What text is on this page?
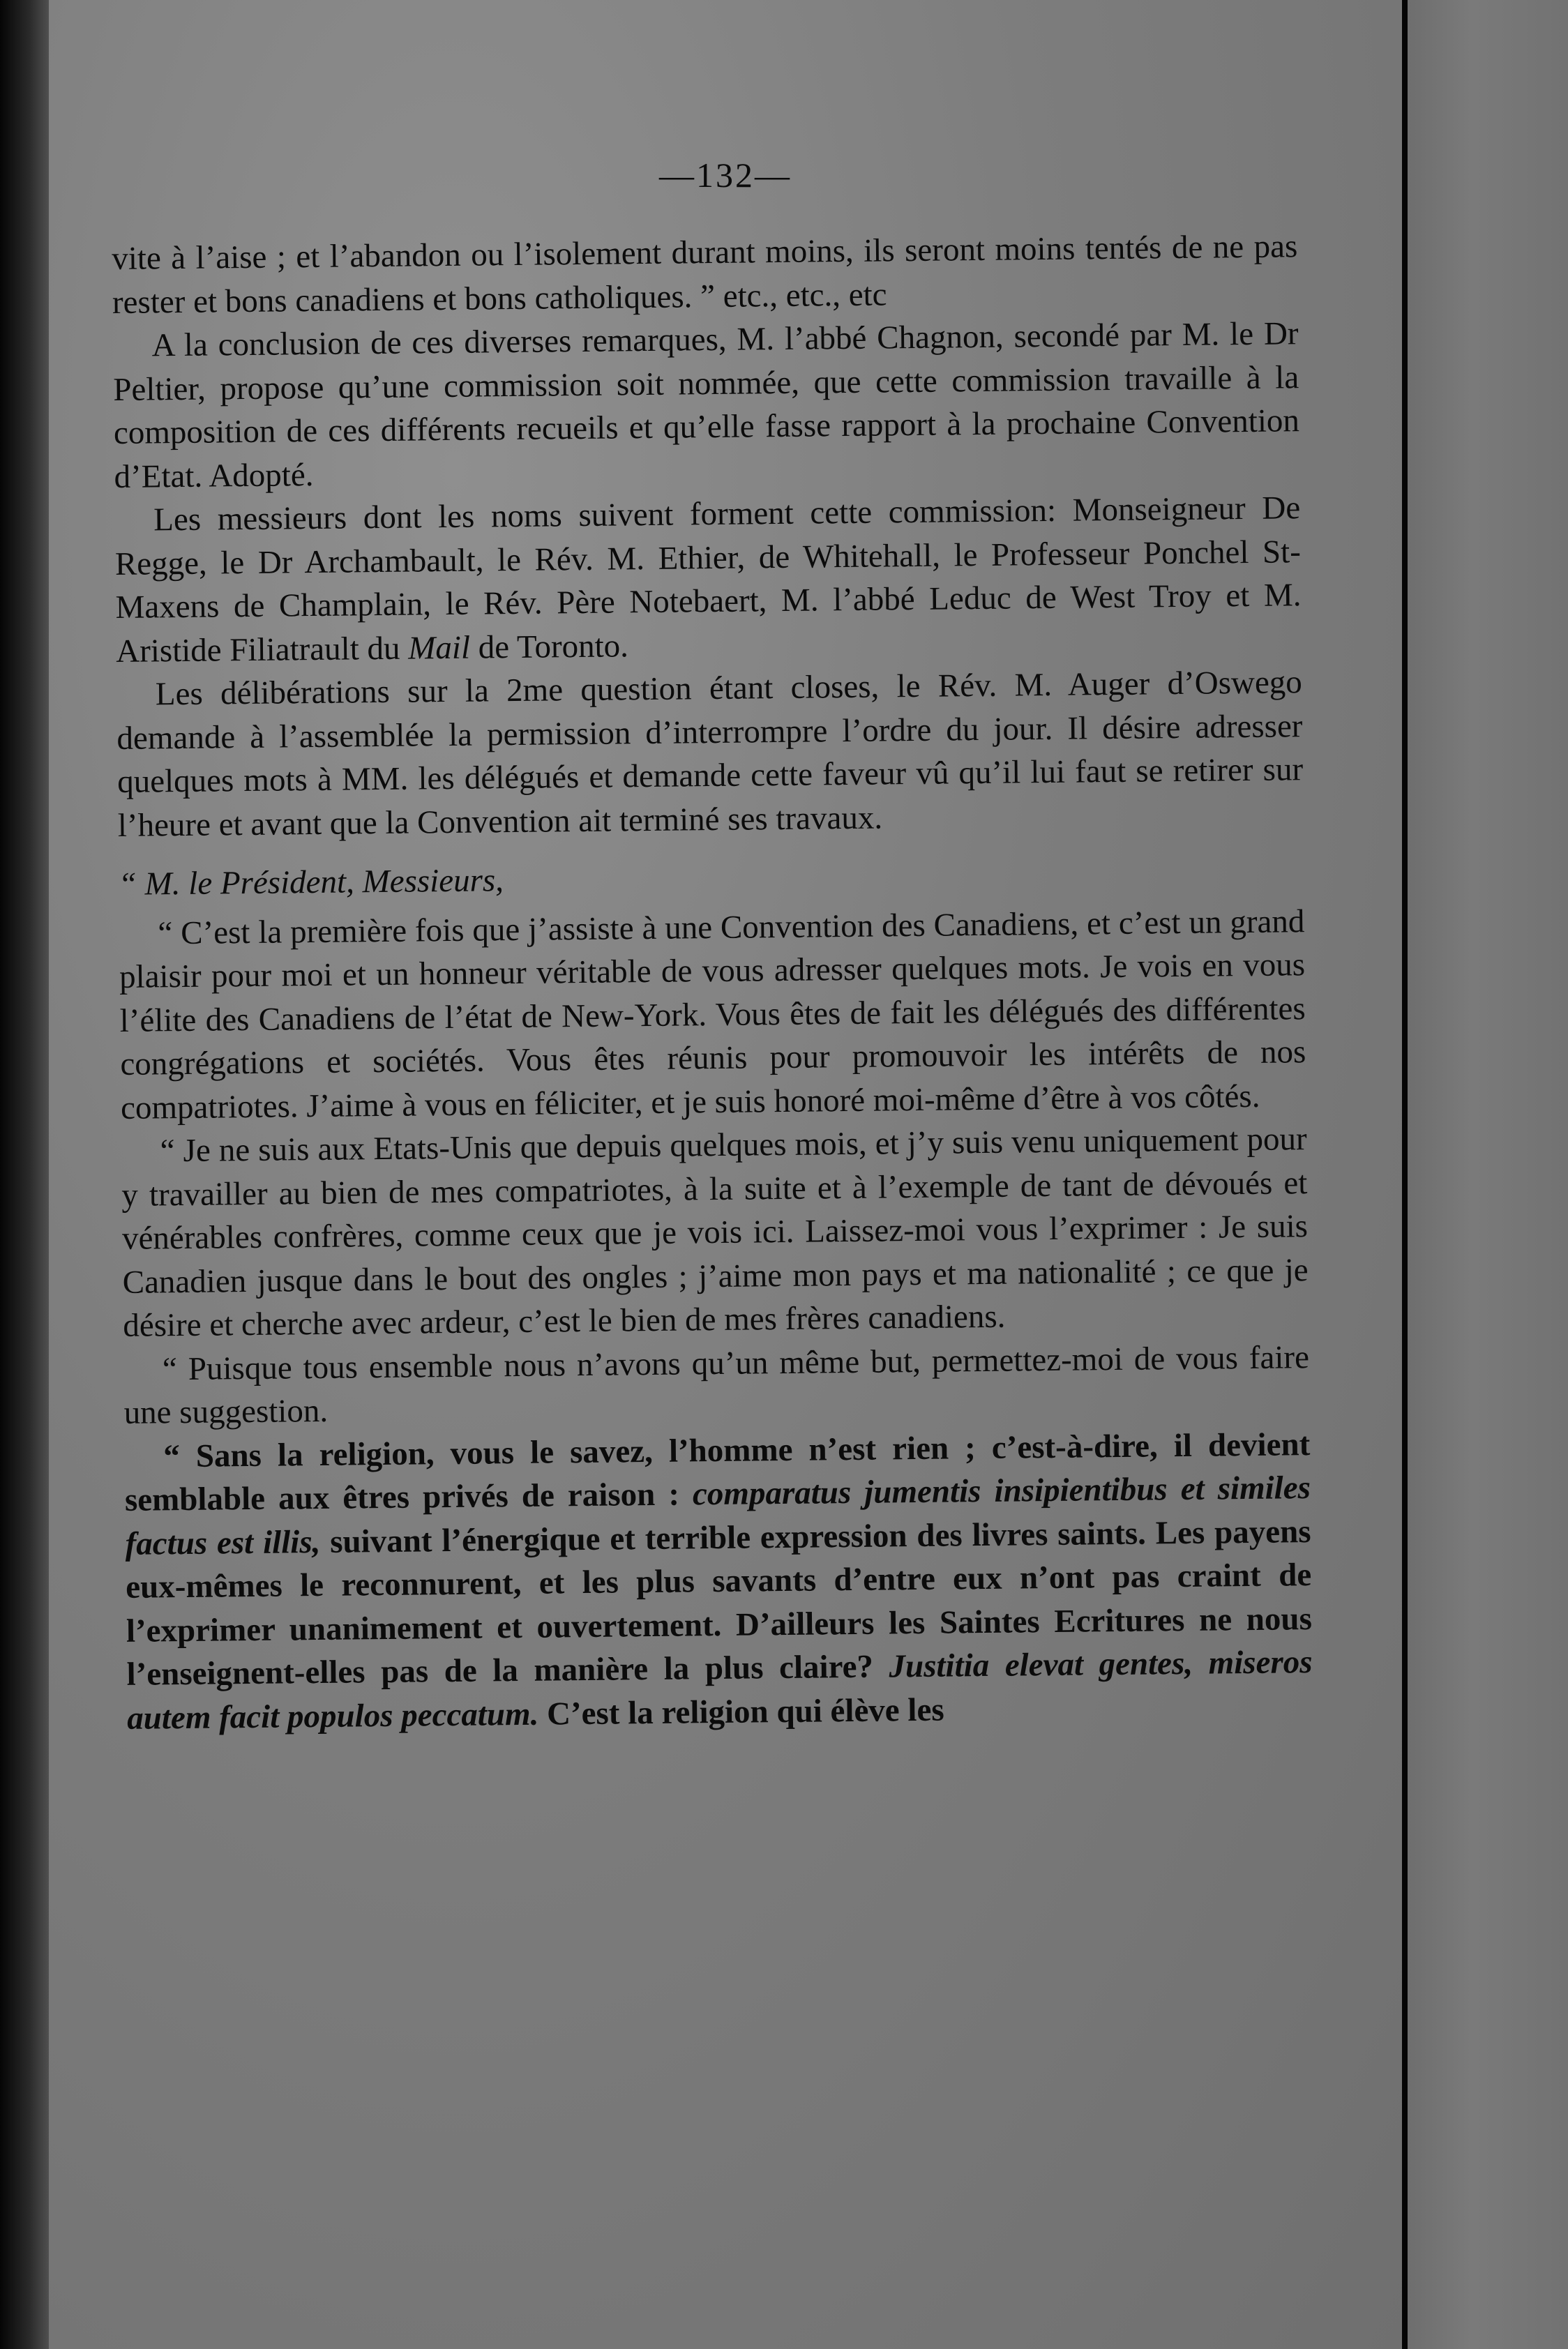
—132—

vite à l’aise ; et l’abandon ou l’isolement durant moins, ils seront moins tentés de ne pas rester et bons canadiens et bons catholiques. ” etc., etc., etc

A la conclusion de ces diverses remarques, M. l’abbé Chagnon, secondé par M. le Dr Peltier, propose qu’une commission soit nommée, que cette commission travaille à la composition de ces différents recueils et qu’elle fasse rapport à la prochaine Convention d’Etat. Adopté.

Les messieurs dont les noms suivent forment cette commission: Monseigneur De Regge, le Dr Archambault, le Rév. M. Ethier, de Whitehall, le Professeur Ponchel St-Maxens de Champlain, le Rév. Père Notebaert, M. l’abbé Leduc de West Troy et M. Aristide Filiatrault du Mail de Toronto.

Les délibérations sur la 2me question étant closes, le Rév. M. Auger d’Oswego demande à l’assemblée la permission d’interrompre l’ordre du jour. Il désire adresser quelques mots à MM. les délégués et demande cette faveur vû qu’il lui faut se retirer sur l’heure et avant que la Convention ait terminé ses travaux.

“ M. le Président, Messieurs,

“ C’est la première fois que j’assiste à une Convention des Canadiens, et c’est un grand plaisir pour moi et un honneur véritable de vous adresser quelques mots. Je vois en vous l’élite des Canadiens de l’état de New-York. Vous êtes de fait les délégués des différentes congrégations et sociétés. Vous êtes réunis pour promouvoir les intérêts de nos compatriotes. J’aime à vous en féliciter, et je suis honoré moi-même d’être à vos côtés.

“ Je ne suis aux Etats-Unis que depuis quelques mois, et j’y suis venu uniquement pour y travailler au bien de mes compatriotes, à la suite et à l’exemple de tant de dévoués et vénérables confrères, comme ceux que je vois ici. Laissez-moi vous l’exprimer : Je suis Canadien jusque dans le bout des ongles ; j’aime mon pays et ma nationalité ; ce que je désire et cherche avec ardeur, c’est le bien de mes frères canadiens.

“ Puisque tous ensemble nous n’avons qu’un même but, permettez-moi de vous faire une suggestion.

“ Sans la religion, vous le savez, l’homme n’est rien ; c’est-à-dire, il devient semblable aux êtres privés de raison : comparatus jumentis insipientibus et similes factus est illis, suivant l’énergique et terrible expression des livres saints. Les payens eux-mêmes le reconnurent, et les plus savants d’entre eux n’ont pas craint de l’exprimer unanimement et ouvertement. D’ailleurs les Saintes Ecritures ne nous l’enseignent-elles pas de la manière la plus claire? Justitia elevat gentes, miseros autem facit populos peccatum. C’est la religion qui élève les
